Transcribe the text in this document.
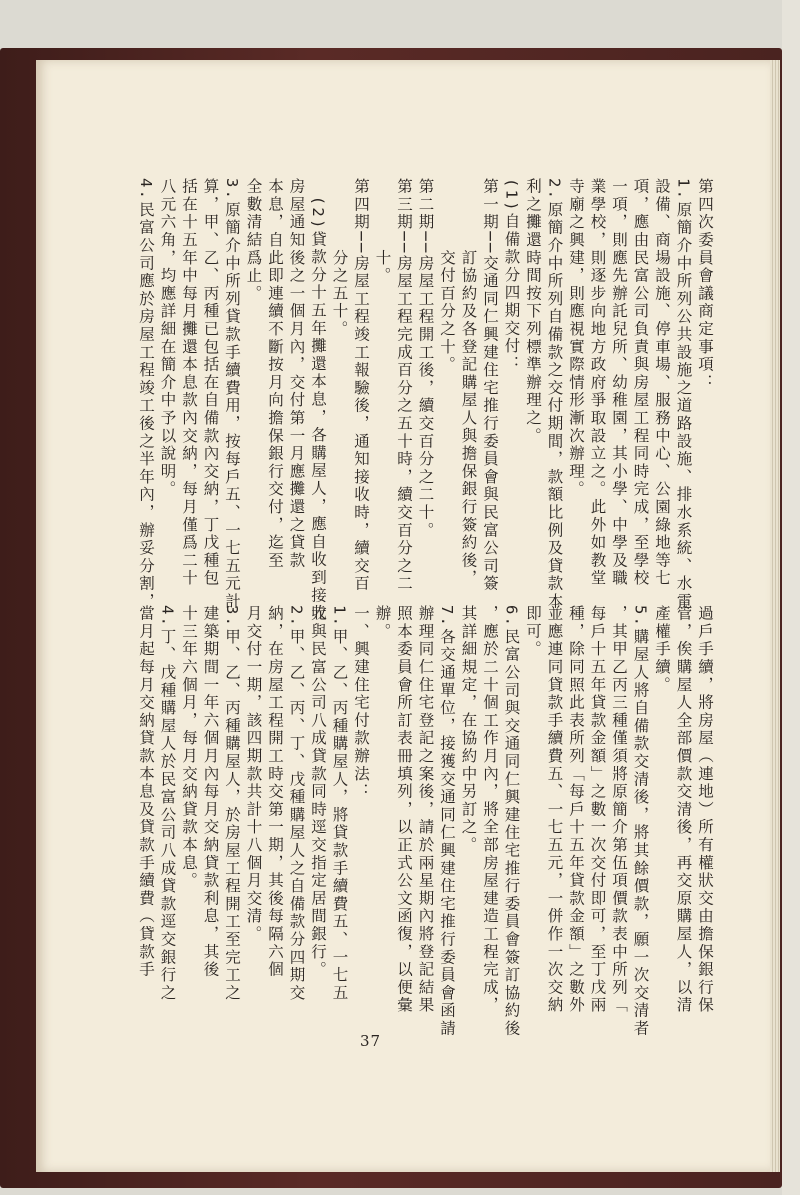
第四次委員會議商定事項：
1.原簡介中所列公共設施之道路設施、排水系統、水電
設備、商場設施、停車場、服務中心、公園綠地等七
項，應由民富公司負責與房屋工程同時完成，至學校
一項，則應先辦託兒所、幼稚園，其小學、中學及職
業學校，則逐步向地方政府爭取設立之。此外如教堂
寺廟之興建，則應視實際情形漸次辦理。
2.原簡介中所列自備款之交付期間，款額比例及貸款本
利之攤還時間按下列標準辦理之。
(1)自備款分四期交付：
第一期──交通同仁興建住宅推行委員會與民富公司簽
　　　　訂協約及各登記購屋人與擔保銀行簽約後，
　　　　交付百分之十。
第二期──房屋工程開工後，續交百分之二十。
第三期──房屋工程完成百分之五十時，續交百分之二
　　　　十。
第四期──房屋工程竣工報驗後，通知接收時，續交百
　　　　分之五十。
　(2)貸款分十五年攤還本息，各購屋人，應自收到接收
房屋通知後之一個月內，交付第一月應攤還之貸款
本息，自此即連續不斷按月向擔保銀行交付，迄至
全數清結爲止。
3.原簡介中所列貸款手續費用，按每戶五、一七五元計
算，甲、乙、丙種已包括在自備款內交納，丁戊種包
括在十五年中每月攤還本息款內交納，每月僅爲二十
八元六角，均應詳細在簡介中予以說明。
4.民富公司應於房屋工程竣工後之半年內，辦妥分割，
過戶手續，將房屋（連地）所有權狀交由擔保銀行保
管，俟購屋人全部價款交清後，再交原購屋人，以清
產權手續。
5.購屋人將自備款交清後，將其餘價款，願一次交清者
，其甲乙丙三種僅須將原簡介第伍項價款表中所列「
每戶十五年貸款金額」之數一次交付即可，至丁戊兩
種，除同照此表所列「每戶十五年貸款金額」之數外
並應連同貸款手續費五、一七五元，一併作一次交納
即可。
6.民富公司與交通同仁興建住宅推行委員會簽訂協約後
，應於二十個工作月內，將全部房屋建造工程完成，
其詳細規定，在協約中另訂之。
7.各交通單位，接獲交通同仁興建住宅推行委員會函請
辦理同仁住宅登記之案後，請於兩星期內將登記結果
照本委員會所訂表冊填列，以正式公文函復，以便彙
辦。
一、興建住宅付款辦法：
1.甲、乙、丙種購屋人，將貸款手續費五、一七五
元與民富公司八成貸款同時逕交指定居間銀行。
2.甲、乙、丙、丁、戊種購屋人之自備款分四期交
納，在房屋工程開工時交第一期，其後每隔六個
月交付一期，該四期款共計十八個月交清。
3.甲、乙、丙種購屋人，於房屋工程開工至完工之
建築期間一年六個月內每月交納貸款利息，其後
十三年六個月，每月交納貸款本息。
4.丁、戊種購屋人於民富公司八成貸款逕交銀行之
當月起每月交納貸款本息及貸款手續費（貸款手
37
